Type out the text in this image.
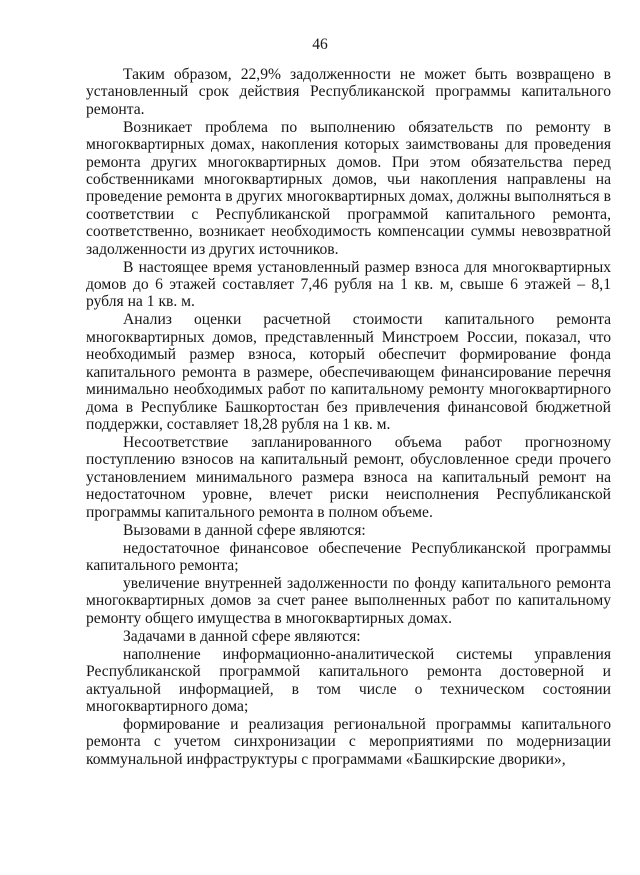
46

Таким образом, 22,9% задолженности не может быть возвращено в установленный срок действия Республиканской программы капитального ремонта.

Возникает проблема по выполнению обязательств по ремонту в многоквартирных домах, накопления которых заимствованы для проведения ремонта других многоквартирных домов. При этом обязательства перед собственниками многоквартирных домов, чьи накопления направлены на проведение ремонта в других многоквартирных домах, должны выполняться в соответствии с Республиканской программой капитального ремонта, соответственно, возникает необходимость компенсации суммы невозвратной задолженности из других источников.

В настоящее время установленный размер взноса для многоквартирных домов до 6 этажей составляет 7,46 рубля на 1 кв. м, свыше 6 этажей – 8,1 рубля на 1 кв. м.

Анализ оценки расчетной стоимости капитального ремонта многоквартирных домов, представленный Минстроем России, показал, что необходимый размер взноса, который обеспечит формирование фонда капитального ремонта в размере, обеспечивающем финансирование перечня минимально необходимых работ по капитальному ремонту многоквартирного дома в Республике Башкортостан без привлечения финансовой бюджетной поддержки, составляет 18,28 рубля на 1 кв. м.

Несоответствие запланированного объема работ прогнозному поступлению взносов на капитальный ремонт, обусловленное среди прочего установлением минимального размера взноса на капитальный ремонт на недостаточном уровне, влечет риски неисполнения Республиканской программы капитального ремонта в полном объеме.

Вызовами в данной сфере являются:

недостаточное финансовое обеспечение Республиканской программы капитального ремонта;

увеличение внутренней задолженности по фонду капитального ремонта многоквартирных домов за счет ранее выполненных работ по капитальному ремонту общего имущества в многоквартирных домах.

Задачами в данной сфере являются:

наполнение информационно-аналитической системы управления Республиканской программой капитального ремонта достоверной и актуальной информацией, в том числе о техническом состоянии многоквартирного дома;

формирование и реализация региональной программы капитального ремонта с учетом синхронизации с мероприятиями по модернизации коммунальной инфраструктуры с программами «Башкирские дворики»,
